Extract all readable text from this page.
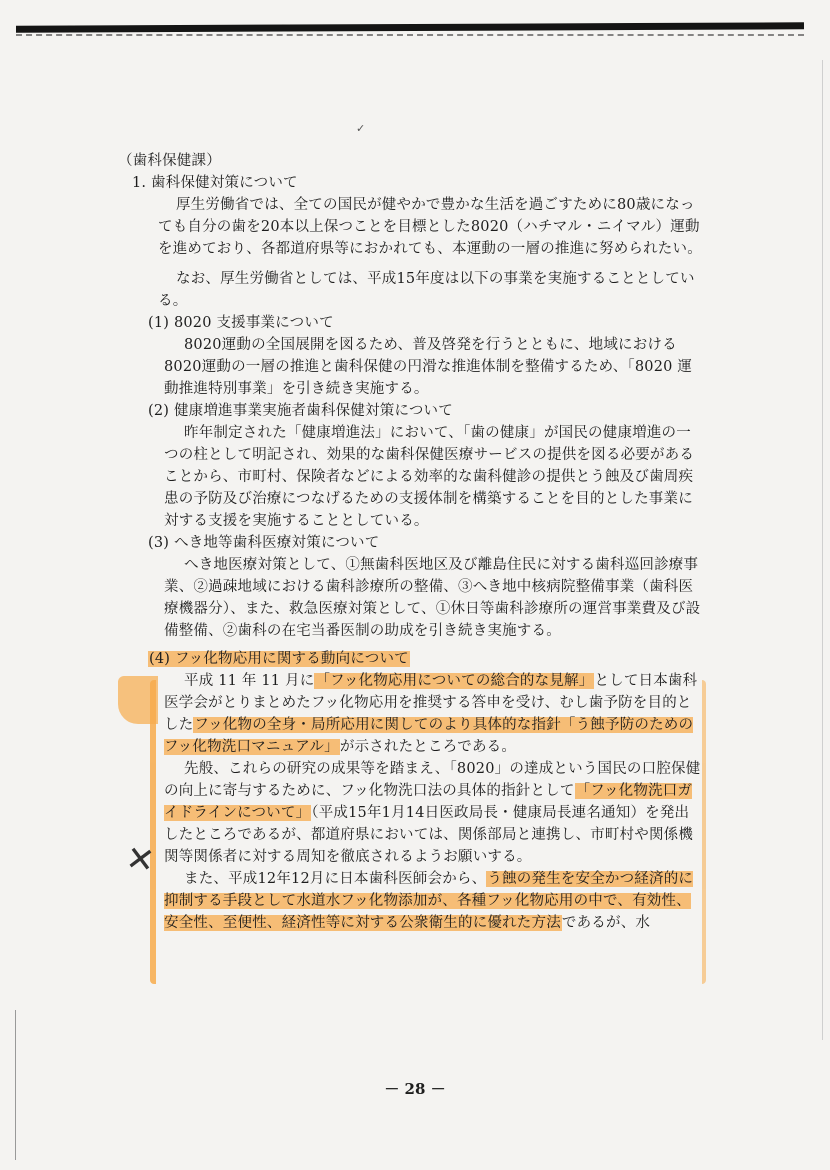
✓
✕

（歯科保健課）

1. 歯科保健対策について

厚生労働省では、全ての国民が健やかで豊かな生活を過ごすために80歳になっても自分の歯を20本以上保つことを目標とした8020（ハチマル・ニイマル）運動を進めており、各都道府県等におかれても、本運動の一層の推進に努められたい。

なお、厚生労働省としては、平成15年度は以下の事業を実施することとしている。

(1) 8020 支援事業について

8020運動の全国展開を図るため、普及啓発を行うとともに、地域における8020運動の一層の推進と歯科保健の円滑な推進体制を整備するため、「8020 運動推進特別事業」を引き続き実施する。

(2) 健康増進事業実施者歯科保健対策について

昨年制定された「健康増進法」において、「歯の健康」が国民の健康増進の一つの柱として明記され、効果的な歯科保健医療サービスの提供を図る必要があることから、市町村、保険者などによる効率的な歯科健診の提供とう蝕及び歯周疾患の予防及び治療につなげるための支援体制を構築することを目的とした事業に対する支援を実施することとしている。

(3) へき地等歯科医療対策について

へき地医療対策として、①無歯科医地区及び離島住民に対する歯科巡回診療事業、②過疎地域における歯科診療所の整備、③へき地中核病院整備事業（歯科医療機器分）、また、救急医療対策として、①休日等歯科診療所の運営事業費及び設備整備、②歯科の在宅当番医制の助成を引き続き実施する。

(4) フッ化物応用に関する動向について

平成 11 年 11 月に「フッ化物応用についての総合的な見解」として日本歯科医学会がとりまとめたフッ化物応用を推奨する答申を受け、むし歯予防を目的としたフッ化物の全身・局所応用に関してのより具体的な指針「う蝕予防のためのフッ化物洗口マニュアル」が示されたところである。

先般、これらの研究の成果等を踏まえ、「8020」の達成という国民の口腔保健の向上に寄与するために、フッ化物洗口法の具体的指針として「フッ化物洗口ガイドラインについて」（平成15年1月14日医政局長・健康局長連名通知）を発出したところであるが、都道府県においては、関係部局と連携し、市町村や関係機関等関係者に対する周知を徹底されるようお願いする。

また、平成12年12月に日本歯科医師会から、う蝕の発生を安全かつ経済的に抑制する手段として水道水フッ化物添加が、各種フッ化物応用の中で、有効性、安全性、至便性、経済性等に対する公衆衛生的に優れた方法であるが、水

－ 28 －
